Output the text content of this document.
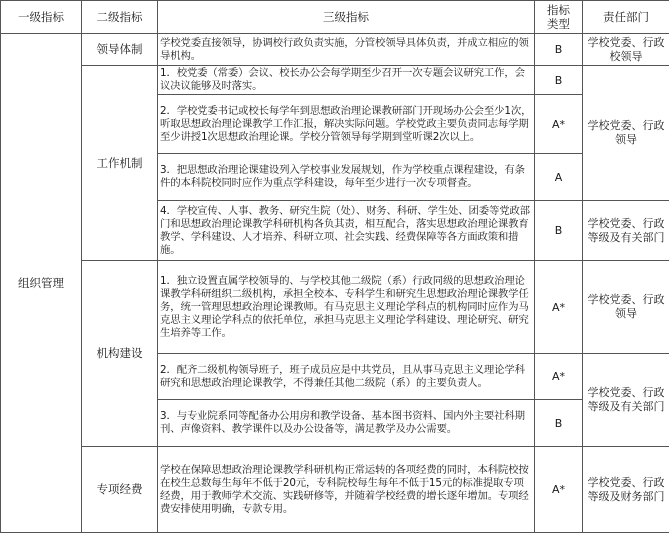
一级指标	二级指标	三级指标	指标类型	责任部门
组织管理	领导体制	学校党委直接领导，协调校行政负责实施，分管校领导具体负责，并成立相应的领导机构。	B	学校党委、行政校领导
	工作机制	1．校党委（常委）会议、校长办公会每学期至少召开一次专题会议研究工作，会议决议能够及时落实。	B	学校党委、行政领导
		2．学校党委书记或校长每学年到思想政治理论课教研部门开现场办公会至少1次，听取思想政治理论课教学工作汇报，解决实际问题。学校党政主要负责同志每学期至少讲授1次思想政治理论课。学校分管领导每学期到堂听课2次以上。	A*	
		3．把思想政治理论课建设列入学校事业发展规划，作为学校重点课程建设，有条件的本科院校同时应作为重点学科建设，每年至少进行一次专项督查。	A	
		4．学校宣传、人事、教务、研究生院（处）、财务、科研、学生处、团委等党政部门和思想政治理论课教学科研机构各负其责，相互配合，落实思想政治理论课教育教学、学科建设、人才培养、科研立项、社会实践、经费保障等各方面政策和措施。	B	学校党委、行政等级及有关部门
	机构建设	1．独立设置直属学校领导的、与学校其他二级院（系）行政同级的思想政治理论课教学科研组织二级机构，承担全校本、专科学生和研究生思想政治理论课教学任务，统一管理思想政治理论课教师。有马克思主义理论学科点的机构同时应作为马克思主义理论学科点的依托单位，承担马克思主义理论学科建设、理论研究、研究生培养等工作。	A*	学校党委、行政领导
		2．配齐二级机构领导班子，班子成员应是中共党员，且从事马克思主义理论学科研究和思想政治理论课教学，不得兼任其他二级院（系）的主要负责人。	A*	学校党委、行政等级及有关部门
		3．与专业院系同等配备办公用房和教学设备、基本图书资料、国内外主要社科期刊、声像资料、教学课件以及办公设备等，满足教学及办公需要。	B	
	专项经费	学校在保障思想政治理论课教学科研机构正常运转的各项经费的同时，本科院校按在校生总数每生每年不低于20元，专科院校每生每年不低于15元的标准提取专项经费，用于教师学术交流、实践研修等，并随着学校经费的增长逐年增加。专项经费安排使用明确，专款专用。	A*	学校党委、行政等级及财务部门
